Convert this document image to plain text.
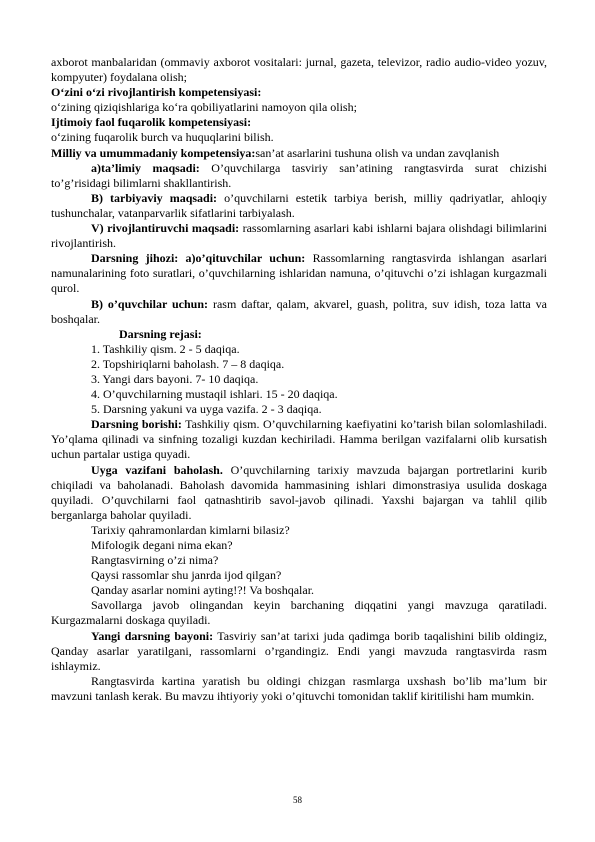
axborot manbalaridan (ommaviy axborot vositalari: jurnal, gazeta, televizor, radio audio-video yozuv, kompyuter) foydalana olish;

O‘zini o‘zi rivojlantirish kompetensiyasi:

o‘zining qiziqishlariga ko‘ra qobiliyatlarini namoyon qila olish;

Ijtimoiy faol fuqarolik kompetensiyasi:

o‘zining fuqarolik burch va huquqlarini bilish.

Milliy va umummadaniy kompetensiya:san’at asarlarini tushuna olish va undan zavqlanish

a)ta’limiy maqsadi: O’quvchilarga tasviriy san’atining rangtasvirda surat chizishi to’g’risidagi bilimlarni shakllantirish.

B) tarbiyaviy maqsadi: o’quvchilarni estetik tarbiya berish, milliy qadriyatlar, ahloqiy tushunchalar, vatanparvarlik sifatlarini tarbiyalash.

V) rivojlantiruvchi maqsadi: rassomlarning asarlari kabi ishlarni bajara olishdagi bilimlarini rivojlantirish.

Darsning jihozi: a)o’qituvchilar uchun: Rassomlarning rangtasvirda ishlangan asarlari namunalarining foto suratlari, o’quvchilarning ishlaridan namuna, o’qituvchi o’zi ishlagan kurgazmali qurol.

B) o’quvchilar uchun: rasm daftar, qalam, akvarel, guash, politra, suv idish, toza latta va boshqalar.

Darsning rejasi:

1. Tashkiliy qism. 2 - 5 daqiqa.
2. Topshiriqlarni baholash. 7 – 8 daqiqa.
3. Yangi dars bayoni. 7- 10 daqiqa.
4. O’quvchilarning mustaqil ishlari. 15 - 20 daqiqa.
5. Darsning yakuni va uyga vazifa. 2 - 3 daqiqa.

Darsning borishi: Tashkiliy qism. O’quvchilarning kaefiyatini ko’tarish bilan solomlashiladi. Yo’qlama qilinadi va sinfning tozaligi kuzdan kechiriladi. Hamma berilgan vazifalarni olib kursatish uchun partalar ustiga quyadi.

Uyga vazifani baholash. O’quvchilarning tarixiy mavzuda bajargan portretlarini kurib chiqiladi va baholanadi. Baholash davomida hammasining ishlari dimonstrasiya usulida doskaga quyiladi. O’quvchilarni faol qatnashtirib savol-javob qilinadi. Yaxshi bajargan va tahlil qilib berganlarga baholar quyiladi.

Tarixiy qahramonlardan kimlarni bilasiz?
Mifologik degani nima ekan?
Rangtasvirning o’zi nima?
Qaysi rassomlar shu janrda ijod qilgan?
Qanday asarlar nomini ayting!?! Va boshqalar.

Savollarga javob olingandan keyin barchaning diqqatini yangi mavzuga qaratiladi. Kurgazmalarni doskaga quyiladi.

Yangi darsning bayoni: Tasviriy san’at tarixi juda qadimga borib taqalishini bilib oldingiz, Qanday asarlar yaratilgani, rassomlarni o’rgandingiz. Endi yangi mavzuda rangtasvirda rasm ishlaymiz.

Rangtasvirda kartina yaratish bu oldingi chizgan rasmlarga uxshash bo’lib ma’lum bir mavzuni tanlash kerak. Bu mavzu ihtiyoriy yoki o’qituvchi tomonidan taklif kiritilishi ham mumkin.

58
